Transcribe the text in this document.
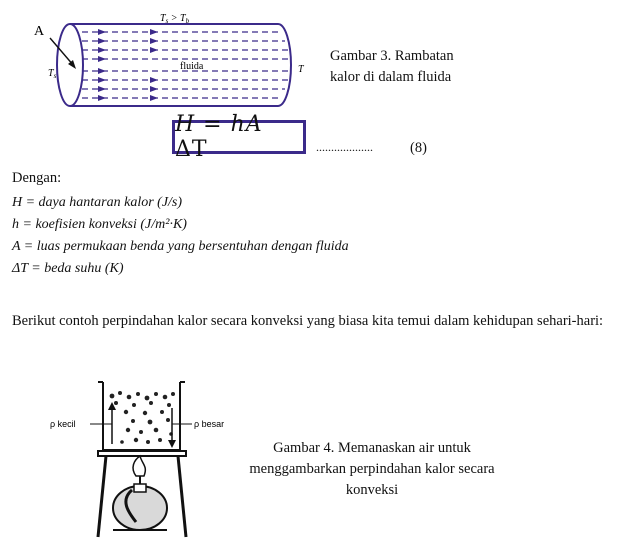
A
$T_s > T_b$
$T_s$
fluida	T
Gambar 3. Rambatan
kalor di dalam fluida
H = hA ΔT	...................	(8)
Dengan:
H = daya hantaran kalor (J/s)
h = koefisien konveksi (J/m²·K)
A = luas permukaan benda yang bersentuhan dengan fluida
ΔT = beda suhu (K)
Berikut contoh perpindahan kalor secara konveksi yang biasa kita temui dalam kehidupan sehari-hari:
ρ kecil	ρ besar
Gambar 4. Memanaskan air untuk
menggambarkan perpindahan kalor secara
konveksi
